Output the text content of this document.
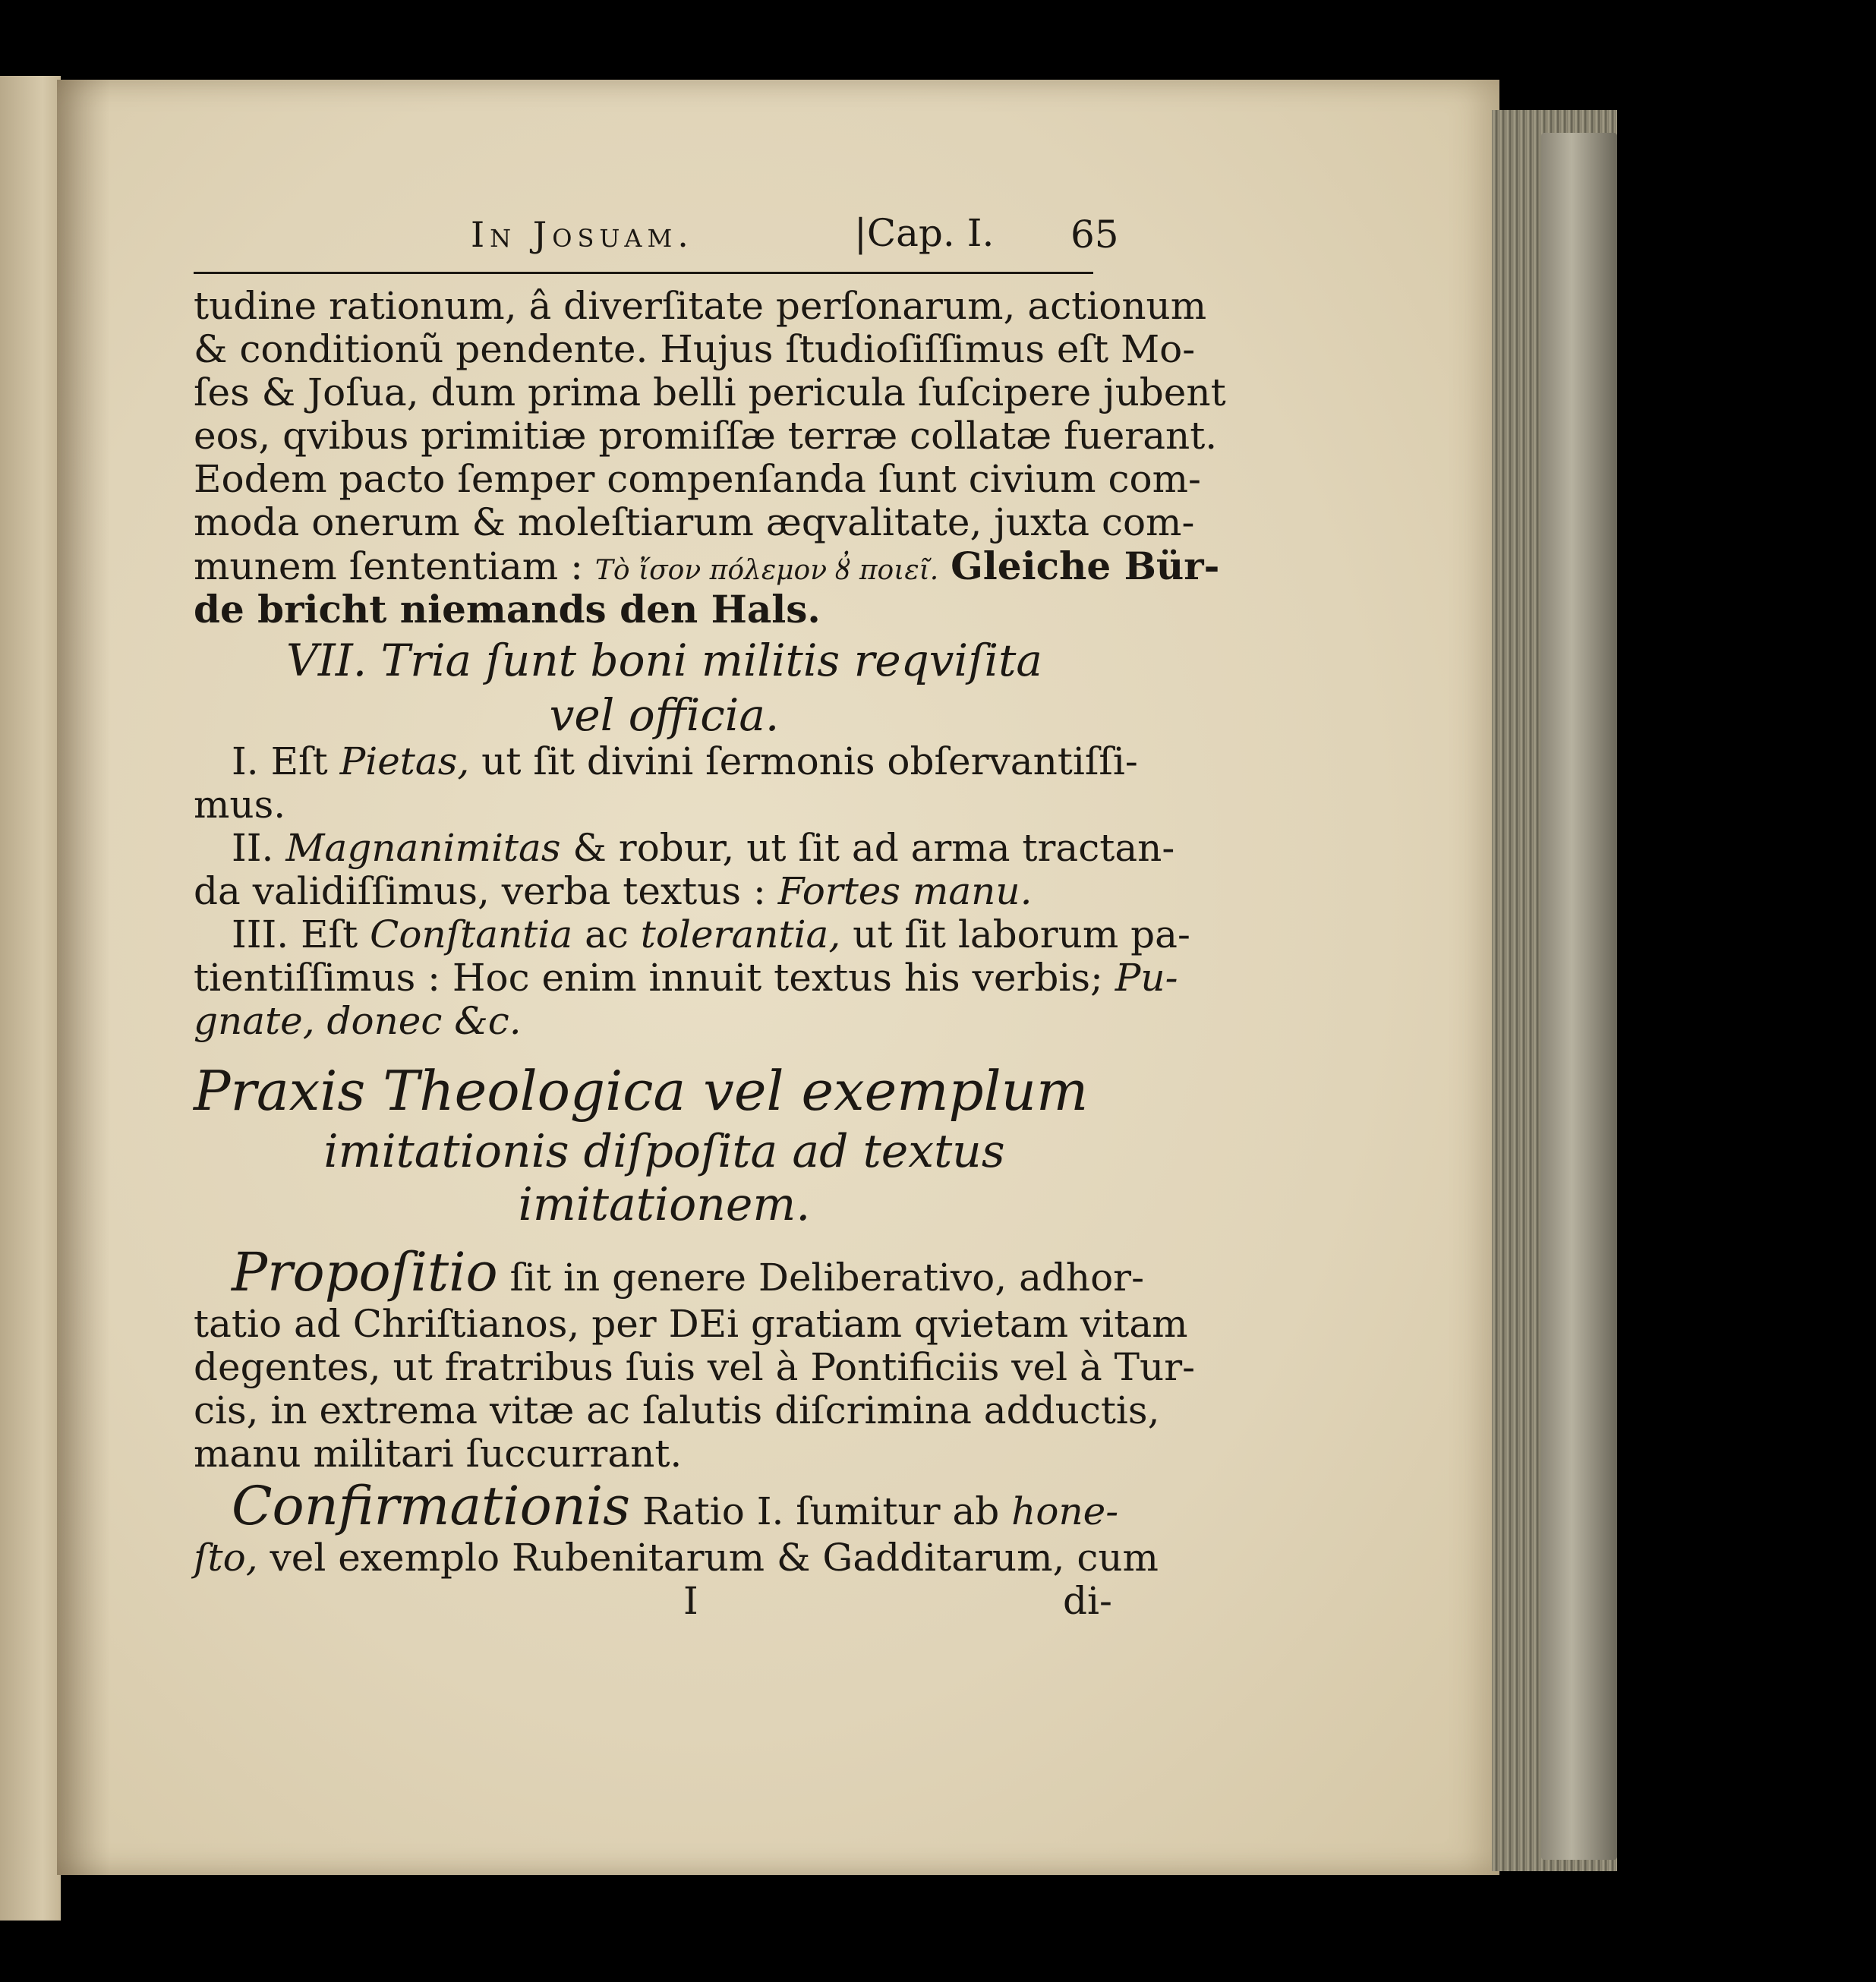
In Josuam.	|Cap. I. 65
tudine rationum, â diverſitate perſonarum, actionum
& conditionũ pendente. Hujus ſtudioſiſſimus eſt Mo-
ſes & Joſua, dum prima belli pericula ſuſcipere jubent
eos, qvibus primitiæ promiſſæ terræ collatæ fuerant.
Eodem pacto ſemper compenſanda ſunt civium com-
moda onerum & moleſtiarum æqvalitate, juxta com-
munem ſententiam : Τὸ ἴσον πόλεμον ȣ̓ ποιεῖ. Gleiche Bür-
de bricht niemands den Hals.
VII. Tria ſunt boni militis reqviſita
vel officia.
I. Eſt Pietas, ut ſit divini ſermonis obſervantiſſi-
mus.
II. Magnanimitas & robur, ut ſit ad arma tractan-
da validiſſimus, verba textus : Fortes manu.
III. Eſt Conſtantia ac tolerantia, ut ſit laborum pa-
tientiſſimus : Hoc enim innuit textus his verbis; Pu-
gnate, donec &c.
Praxis Theologica vel exemplum
imitationis diſpoſita ad textus
imitationem.
Propoſitio ſit in genere Deliberativo, adhor-
tatio ad Chriſtianos, per DEi gratiam qvietam vitam
degentes, ut fratribus ſuis vel à Pontificiis vel à Tur-
cis, in extrema vitæ ac ſalutis diſcrimina adductis,
manu militari ſuccurrant.
Confirmationis Ratio I. ſumitur ab hone-
ſto, vel exemplo Rubenitarum & Gadditarum, cum
I	di-
